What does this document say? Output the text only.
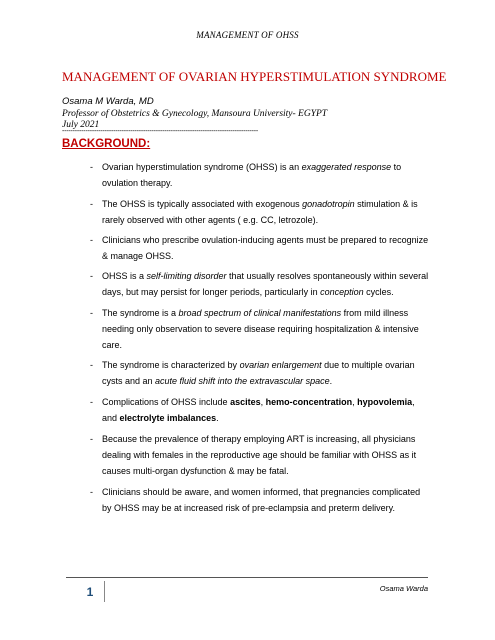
MANAGEMENT OF OHSS
MANAGEMENT OF OVARIAN HYPERSTIMULATION SYNDROME
Osama M Warda, MD
Professor of Obstetrics & Gynecology, Mansoura University- EGYPT
July 2021
--------------------------------------------------------------------------------------------
BACKGROUND:
- Ovarian hyperstimulation syndrome (OHSS) is an exaggerated response to ovulation therapy.
- The OHSS is typically associated with exogenous gonadotropin stimulation & is rarely observed with other agents ( e.g. CC, letrozole).
- Clinicians who prescribe ovulation-inducing agents must be prepared to recognize & manage OHSS.
- OHSS is a self-limiting disorder that usually resolves spontaneously within several days, but may persist for longer periods, particularly in conception cycles.
- The syndrome is a broad spectrum of clinical manifestations from mild illness needing only observation to severe disease requiring hospitalization & intensive care.
- The syndrome is characterized by ovarian enlargement due to multiple ovarian cysts and an acute fluid shift into the extravascular space.
- Complications of OHSS include ascites, hemo-concentration, hypovolemia, and electrolyte imbalances.
- Because the prevalence of therapy employing ART is increasing, all physicians dealing with females in the reproductive age should be familiar with OHSS as it causes multi-organ dysfunction & may be fatal.
- Clinicians should be aware, and women informed, that pregnancies complicated by OHSS may be at increased risk of pre-eclampsia and preterm delivery.
1	Osama Warda
